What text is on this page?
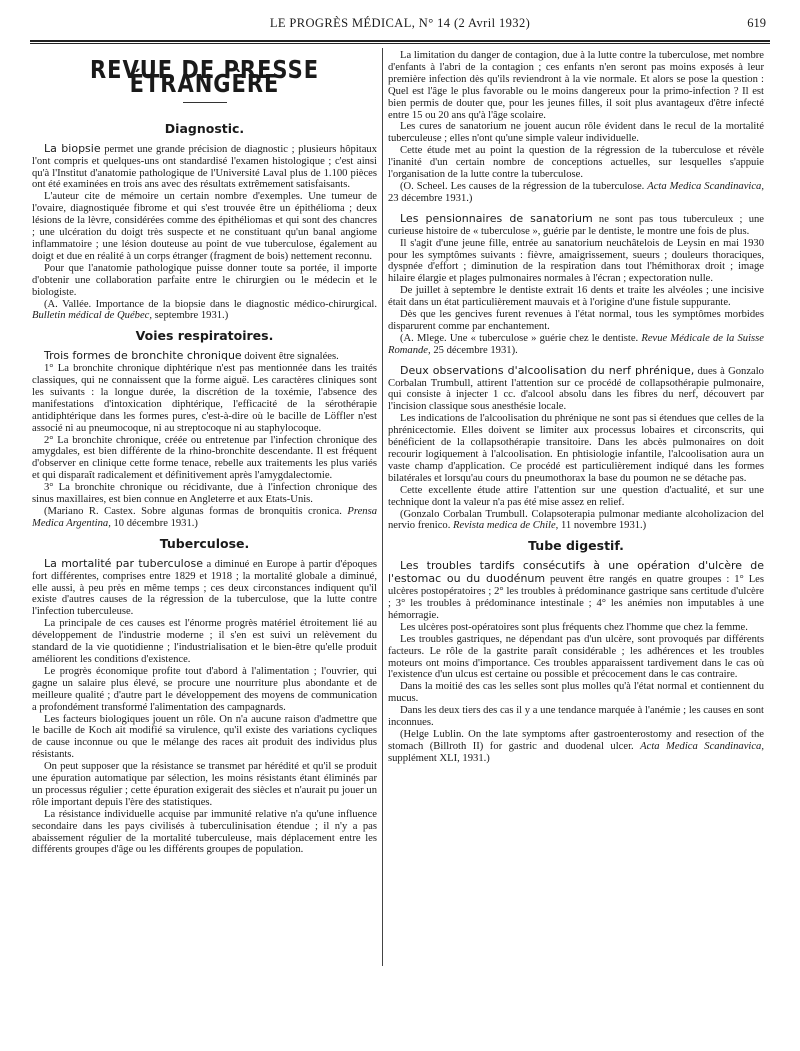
LE PROGRÈS MÉDICAL, N° 14 (2 Avril 1932)	619
REVUE DE PRESSE ÉTRANGÈRE
Diagnostic.

La biopsie permet une grande précision de diagnostic ; plusieurs hôpitaux l'ont compris et quelques-uns ont standardisé l'examen histologique ; c'est ainsi qu'à l'Institut d'anatomie pathologique de l'Université Laval plus de 1.100 pièces ont été examinées en trois ans avec des résultats extrêmement satisfaisants.

L'auteur cite de mémoire un certain nombre d'exemples. Une tumeur de l'ovaire, diagnostiquée fibrome et qui s'est trouvée être un épithélioma ; deux lésions de la lèvre, considérées comme des épithéliomas et qui sont des chancres ; une ulcération du doigt très suspecte et ne constituant qu'un banal angiome inflammatoire ; une lésion douteuse au point de vue tuberculose, également au doigt et due en réalité à un corps étranger (fragment de bois) nettement reconnu.

Pour que l'anatomie pathologique puisse donner toute sa portée, il importe d'obtenir une collaboration parfaite entre le chirurgien ou le médecin et le biologiste.

(A. Vallée. Importance de la biopsie dans le diagnostic médico-chirurgical. Bulletin médical de Québec, septembre 1931.)

Voies respiratoires.

Trois formes de bronchite chronique doivent être signalées.

1° La bronchite chronique diphtérique n'est pas mentionnée dans les traités classiques, qui ne connaissent que la forme aiguë. Les caractères cliniques sont les suivants : la longue durée, la discrétion de la toxémie, l'absence des manifestations d'intoxication diphtérique, l'efficacité de la sérothérapie antidiphtérique dans les formes pures, c'est-à-dire où le bacille de Löffler n'est associé ni au pneumocoque, ni au streptocoque ni au staphylocoque.

2° La bronchite chronique, créée ou entretenue par l'infection chronique des amygdales, est bien différente de la rhino-bronchite descendante. Il est fréquent d'observer en clinique cette forme tenace, rebelle aux traitements les plus variés et qui disparaît radicalement et définitivement après l'amygdalectomie.

3° La bronchite chronique ou récidivante, due à l'infection chronique des sinus maxillaires, est bien connue en Angleterre et aux Etats-Unis.

(Mariano R. Castex. Sobre algunas formas de bronquitis cronica. Prensa Medica Argentina, 10 décembre 1931.)

Tuberculose.

La mortalité par tuberculose a diminué en Europe à partir d'époques fort différentes, comprises entre 1829 et 1918 ; la mortalité globale a diminué, elle aussi, à peu près en même temps ; ces deux circonstances indiquent qu'il existe d'autres causes de la régression de la tuberculose, que la lutte contre l'infection tuberculeuse.

La principale de ces causes est l'énorme progrès matériel étroitement lié au développement de l'industrie moderne ; il s'en est suivi un relèvement du standard de la vie quotidienne ; l'industrialisation et le bien-être qu'elle produit améliorent les conditions d'existence.

Le progrès économique profite tout d'abord à l'alimentation ; l'ouvrier, qui gagne un salaire plus élevé, se procure une nourriture plus abondante et de meilleure qualité ; d'autre part le développement des moyens de communication a profondément transformé l'alimentation des campagnards.

Les facteurs biologiques jouent un rôle. On n'a aucune raison d'admettre que le bacille de Koch ait modifié sa virulence, qu'il existe des variations cycliques de cause inconnue ou que le mélange des races ait produit des individus plus résistants.

On peut supposer que la résistance se transmet par hérédité et qu'il se produit une épuration automatique par sélection, les moins résistants étant éliminés par un processus régulier ; cette épuration exigerait des siècles et n'aurait pu jouer un rôle important depuis l'ère des statistiques.

La résistance individuelle acquise par immunité relative n'a qu'une influence secondaire dans les pays civilisés à tuberculinisation étendue ; il n'y a pas abaissement régulier de la mortalité tuberculeuse, mais déplacement entre les différents groupes d'âge ou les différents groupes de population.

La limitation du danger de contagion, due à la lutte contre la tuberculose, met nombre d'enfants à l'abri de la contagion ; ces enfants n'en seront pas moins exposés à leur première infection dès qu'ils reviendront à la vie normale. Et alors se pose la question : Quel est l'âge le plus favorable ou le moins dangereux pour la primo-infection ? Il est bien permis de douter que, pour les jeunes filles, il soit plus avantageux d'être infecté entre 15 ou 20 ans qu'à l'âge scolaire.

Les cures de sanatorium ne jouent aucun rôle évident dans le recul de la mortalité tuberculeuse ; elles n'ont qu'une simple valeur individuelle.

Cette étude met au point la question de la régression de la tuberculose et révèle l'inanité d'un certain nombre de conceptions actuelles, sur lesquelles s'appuie l'organisation de la lutte contre la tuberculose.

(O. Scheel. Les causes de la régression de la tuberculose. Acta Medica Scandinavica, 23 décembre 1931.)

Les pensionnaires de sanatorium ne sont pas tous tuberculeux ; une curieuse histoire de « tuberculose », guérie par le dentiste, le montre une fois de plus.

Il s'agit d'une jeune fille, entrée au sanatorium neuchâtelois de Leysin en mai 1930 pour les symptômes suivants : fièvre, amaigrissement, sueurs ; douleurs thoraciques, dyspnée d'effort ; diminution de la respiration dans tout l'hémithorax droit ; image hilaire élargie et plages pulmonaires normales à l'écran ; expectoration nulle.

De juillet à septembre le dentiste extrait 16 dents et traite les alvéoles ; une incisive était dans un état particulièrement mauvais et à l'origine d'une fistule suppurante.

Dès que les gencives furent revenues à l'état normal, tous les symptômes morbides disparurent comme par enchantement.

(A. Mlege. Une « tuberculose » guérie chez le dentiste. Revue Médicale de la Suisse Romande, 25 décembre 1931).

Deux observations d'alcoolisation du nerf phrénique, dues à Gonzalo Corbalan Trumbull, attirent l'attention sur ce procédé de collapsothérapie pulmonaire, qui consiste à injecter 1 cc. d'alcool absolu dans les fibres du nerf, découvert par l'incision classique sous anesthésie locale.

Les indications de l'alcoolisation du phrénique ne sont pas si étendues que celles de la phrénicectomie. Elles doivent se limiter aux processus lobaires et circonscrits, qui bénéficient de la collapsothérapie transitoire. Dans les abcès pulmonaires on doit recourir logiquement à l'alcoolisation. En phtisiologie infantile, l'alcoolisation aura un vaste champ d'application. Ce procédé est particulièrement indiqué dans les formes bilatérales et lorsqu'au cours du pneumothorax la base du poumon ne se détache pas.

Cette excellente étude attire l'attention sur une question d'actualité, et sur une technique dont la valeur n'a pas été mise assez en relief.

(Gonzalo Corbalan Trumbull. Colapsoterapia pulmonar mediante alcoholizacion del nervio frenico. Revista medica de Chile, 11 novembre 1931.)

Tube digestif.

Les troubles tardifs consécutifs à une opération d'ulcère de l'estomac ou du duodénum peuvent être rangés en quatre groupes : 1° Les ulcères postopératoires ; 2° les troubles à prédominance gastrique sans certitude d'ulcère ; 3° les troubles à prédominance intestinale ; 4° les anémies non imputables à une hémorragie.

Les ulcères post-opératoires sont plus fréquents chez l'homme que chez la femme.

Les troubles gastriques, ne dépendant pas d'un ulcère, sont provoqués par différents facteurs. Le rôle de la gastrite paraît considérable ; les adhérences et les troubles moteurs ont moins d'importance. Ces troubles apparaissent tardivement dans le cas où l'existence d'un ulcus est certaine ou possible et précocement dans le cas contraire.

Dans la moitié des cas les selles sont plus molles qu'à l'état normal et contiennent du mucus.

Dans les deux tiers des cas il y a une tendance marquée à l'anémie ; les causes en sont inconnues.

(Helge Lublin. On the late symptoms after gastroenterostomy and resection of the stomach (Billroth II) for gastric and duodenal ulcer. Acta Medica Scandinavica, supplément XLI, 1931.)
